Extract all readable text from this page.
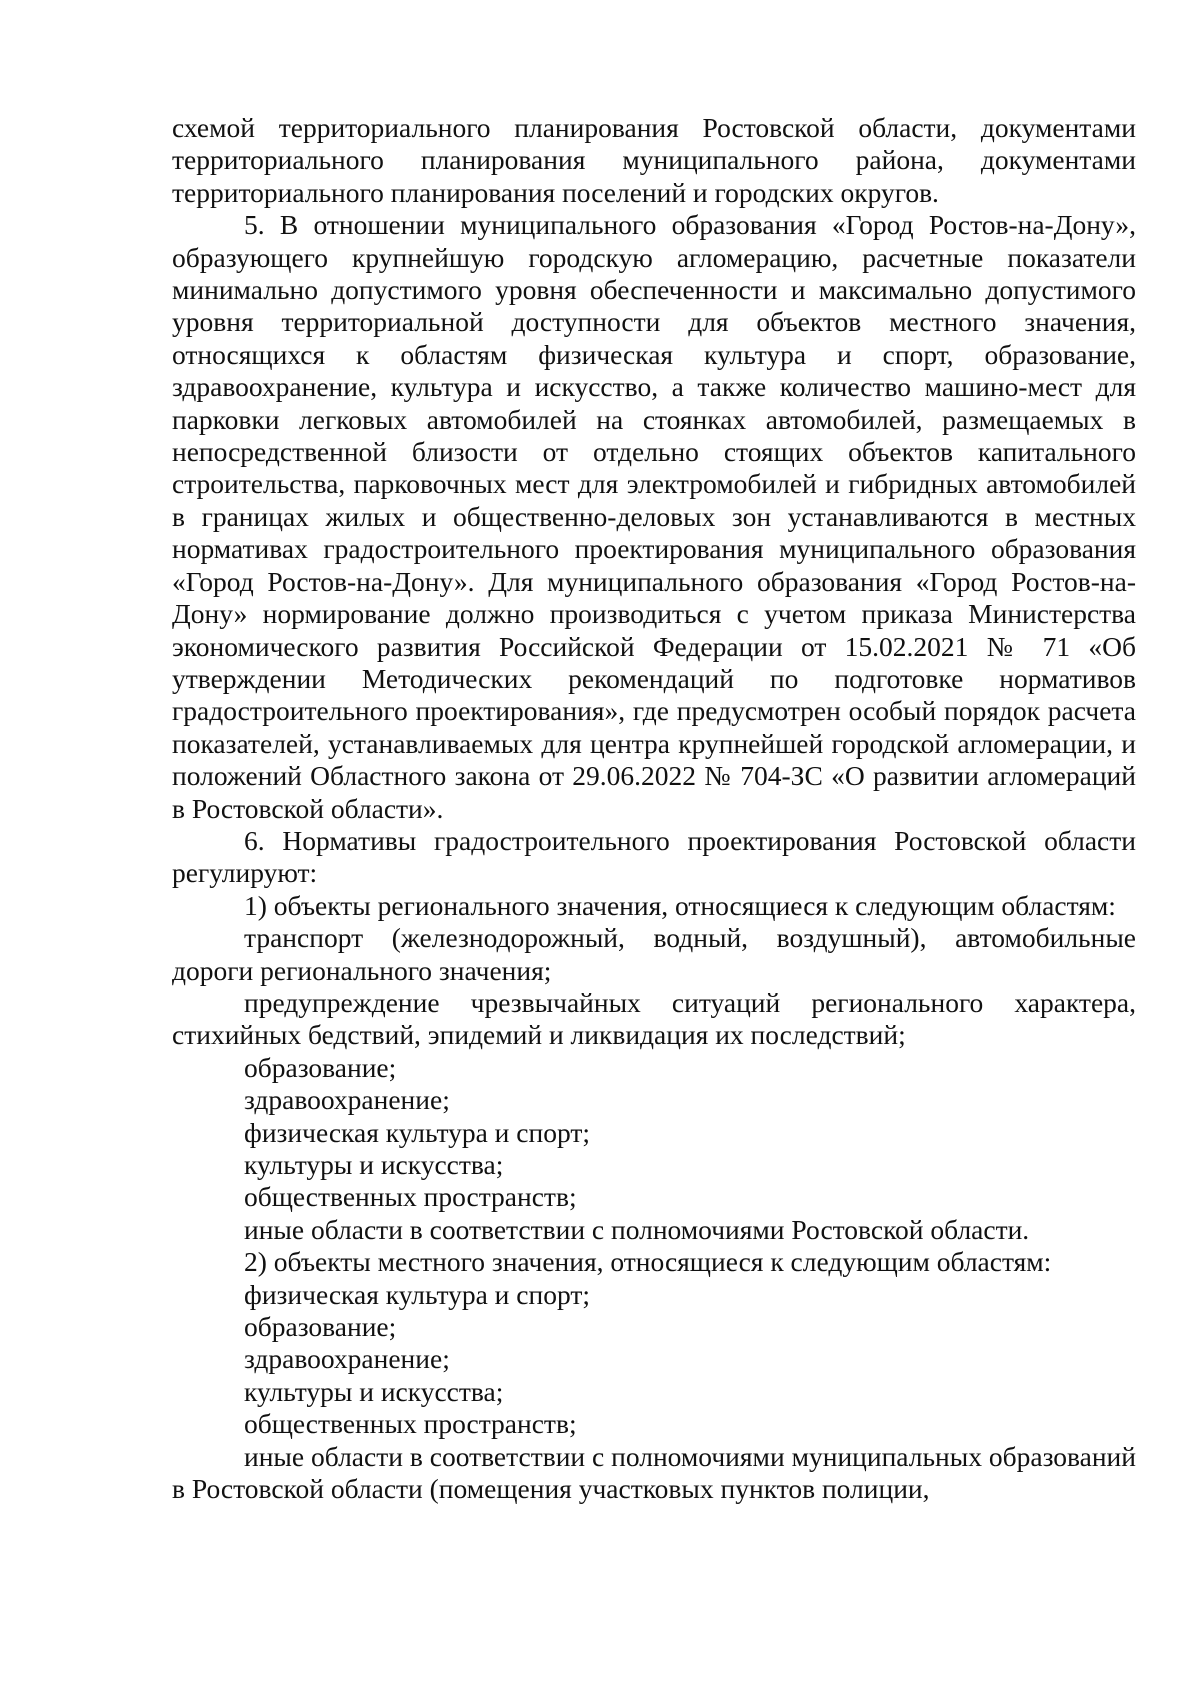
схемой территориального планирования Ростовской области, документами территориального планирования муниципального района, документами территориального планирования поселений и городских округов.

5. В отношении муниципального образования «Город Ростов-на-Дону», образующего крупнейшую городскую агломерацию, расчетные показатели минимально допустимого уровня обеспеченности и максимально допустимого уровня территориальной доступности для объектов местного значения, относящихся к областям физическая культура и спорт, образование, здравоохранение, культура и искусство, а также количество машино-мест для парковки легковых автомобилей на стоянках автомобилей, размещаемых в непосредственной близости от отдельно стоящих объектов капитального строительства, парковочных мест для электромобилей и гибридных автомобилей в границах жилых и общественно-деловых зон устанавливаются в местных нормативах градостроительного проектирования муниципального образования «Город Ростов-на-Дону». Для муниципального образования «Город Ростов-на-Дону» нормирование должно производиться с учетом приказа Министерства экономического развития Российской Федерации от 15.02.2021 № 71 «Об утверждении Методических рекомендаций по подготовке нормативов градостроительного проектирования», где предусмотрен особый порядок расчета показателей, устанавливаемых для центра крупнейшей городской агломерации, и положений Областного закона от 29.06.2022 № 704-ЗС «О развитии агломераций в Ростовской области».

6. Нормативы градостроительного проектирования Ростовской области регулируют:

1) объекты регионального значения, относящиеся к следующим областям:

транспорт (железнодорожный, водный, воздушный), автомобильные дороги регионального значения;

предупреждение чрезвычайных ситуаций регионального характера, стихийных бедствий, эпидемий и ликвидация их последствий;

образование;

здравоохранение;

физическая культура и спорт;

культуры и искусства;

общественных пространств;

иные области в соответствии с полномочиями Ростовской области.

2) объекты местного значения, относящиеся к следующим областям:

физическая культура и спорт;

образование;

здравоохранение;

культуры и искусства;

общественных пространств;

иные области в соответствии с полномочиями муниципальных образований в Ростовской области (помещения участковых пунктов полиции,
